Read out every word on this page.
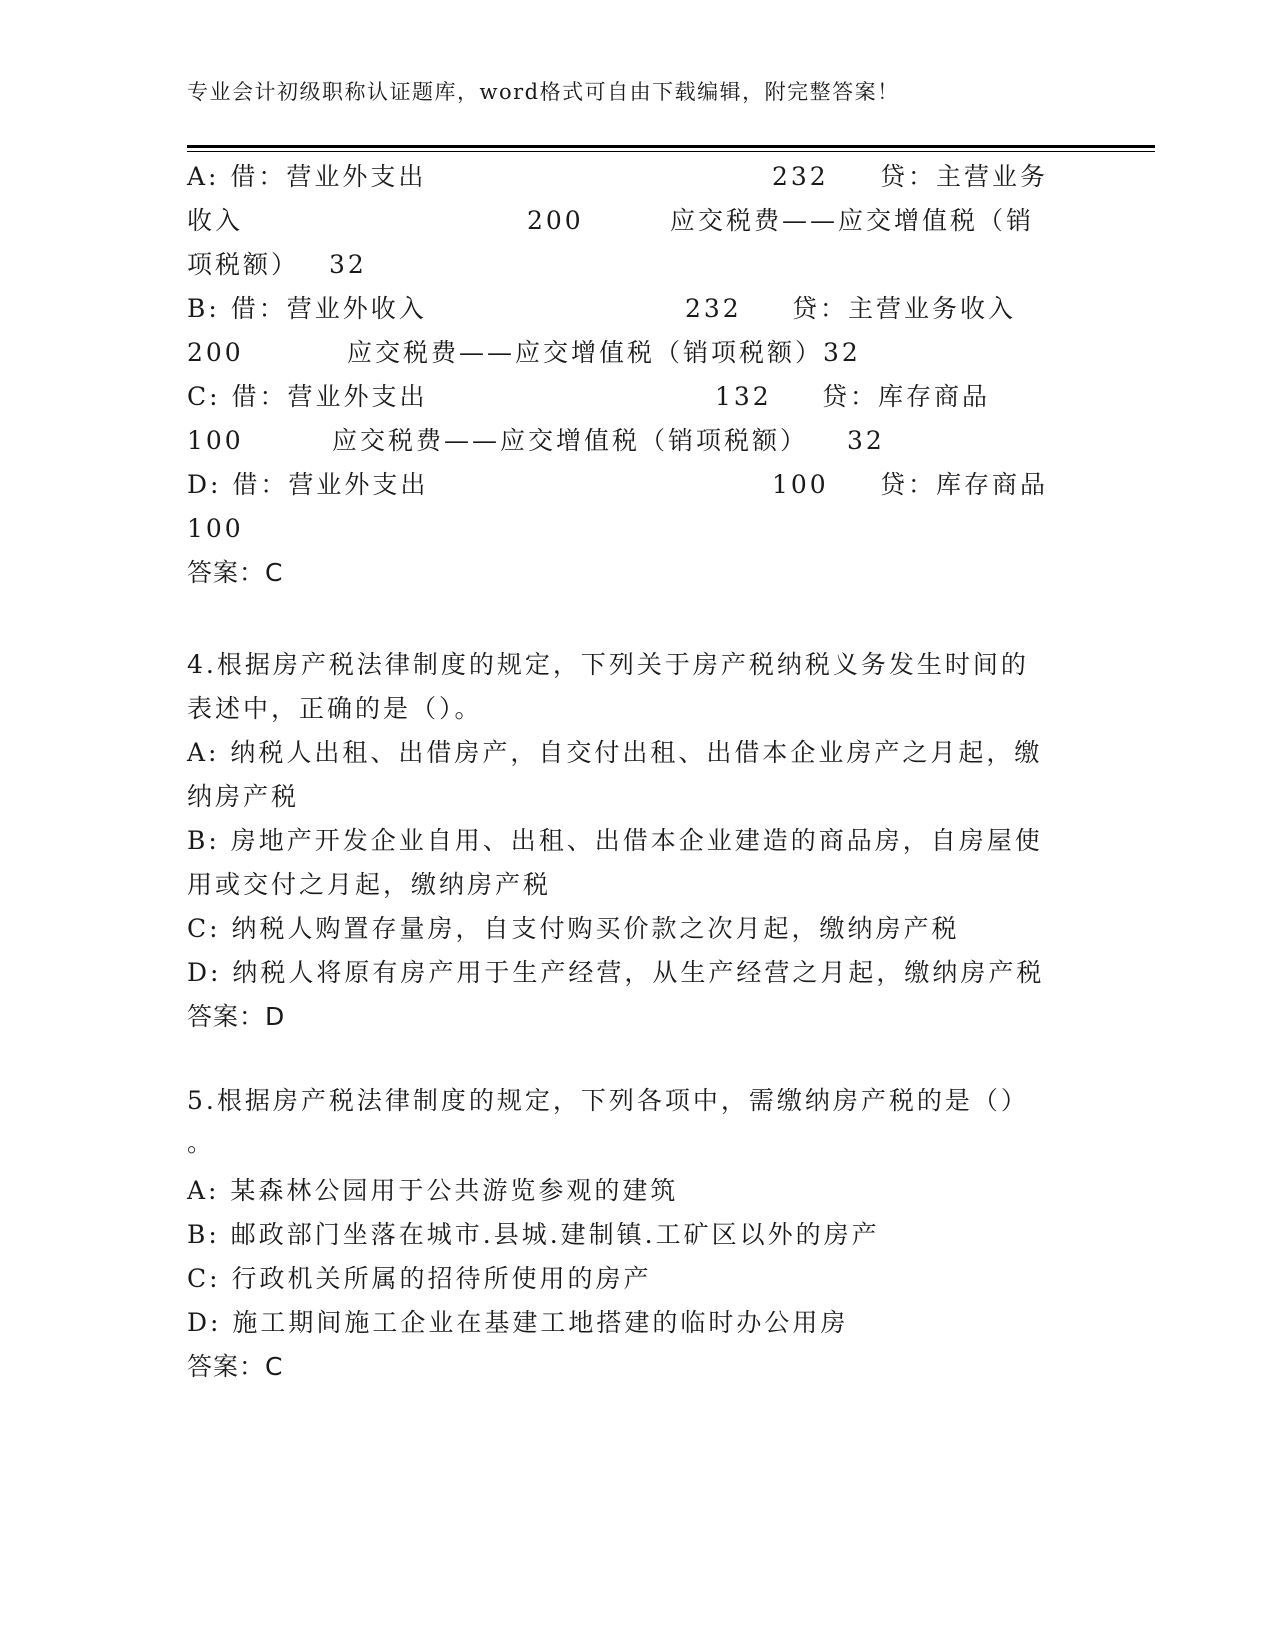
专业会计初级职称认证题库，word格式可自由下载编辑，附完整答案！
A: 借：营业外支出	232 贷：主营业务
收入	200	应交税费——应交增值税（销
项税额） 32
B: 借：营业外收入	232 贷：主营业务收入
200	应交税费——应交增值税（销项税额）32
C: 借：营业外支出	132 贷：库存商品
100	应交税费——应交增值税（销项税额） 32
D: 借：营业外支出	100 贷：库存商品
100
答案：C
4.根据房产税法律制度的规定，下列关于房产税纳税义务发生时间的
表述中，正确的是（）。
A: 纳税人出租、出借房产，自交付出租、出借本企业房产之月起，缴
纳房产税
B: 房地产开发企业自用、出租、出借本企业建造的商品房，自房屋使
用或交付之月起，缴纳房产税
C: 纳税人购置存量房，自支付购买价款之次月起，缴纳房产税
D: 纳税人将原有房产用于生产经营，从生产经营之月起，缴纳房产税
答案：D
5.根据房产税法律制度的规定，下列各项中，需缴纳房产税的是（）
。
A: 某森林公园用于公共游览参观的建筑
B: 邮政部门坐落在城市.县城.建制镇.工矿区以外的房产
C: 行政机关所属的招待所使用的房产
D: 施工期间施工企业在基建工地搭建的临时办公用房
答案：C
